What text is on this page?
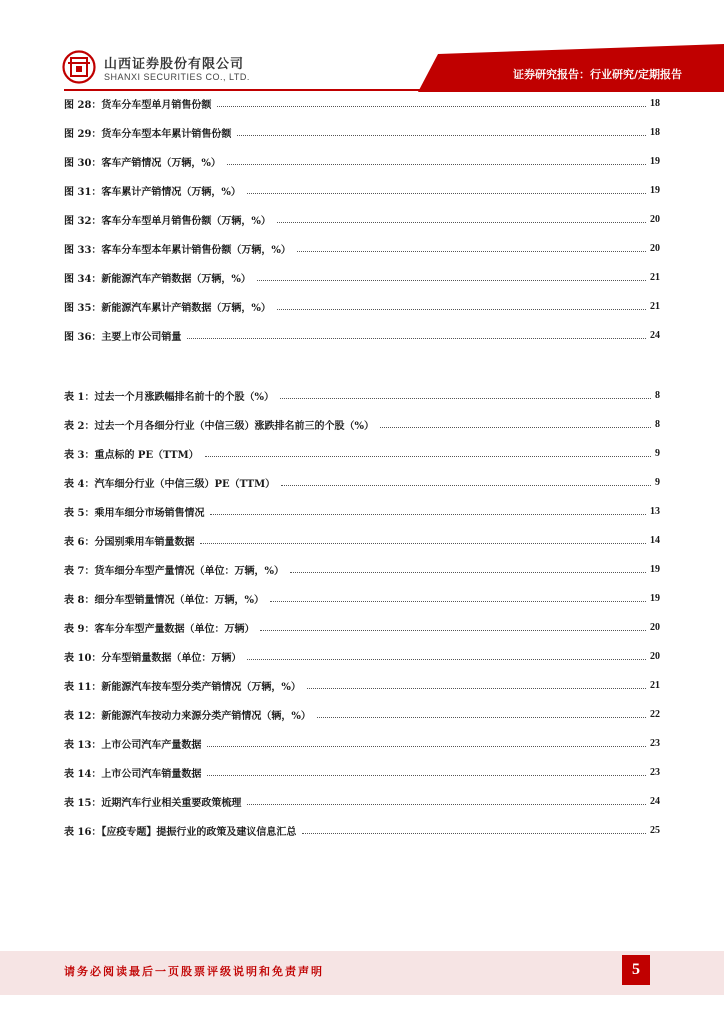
山西证券股份有限公司
SHANXI SECURITIES CO., LTD.	证券研究报告：行业研究/定期报告
图 28：货车分车型单月销售份额	18
图 29：货车分车型本年累计销售份额	18
图 30：客车产销情况（万辆，%）	19
图 31：客车累计产销情况（万辆，%）	19
图 32：客车分车型单月销售份额（万辆，%）	20
图 33：客车分车型本年累计销售份额（万辆，%）	20
图 34：新能源汽车产销数据（万辆，%）	21
图 35：新能源汽车累计产销数据（万辆，%）	21
图 36：主要上市公司销量	24
表 1：过去一个月涨跌幅排名前十的个股（%）	8
表 2：过去一个月各细分行业（中信三级）涨跌排名前三的个股（%）	8
表 3：重点标的 PE（TTM）	9
表 4：汽车细分行业（中信三级）PE（TTM）	9
表 5：乘用车细分市场销售情况	13
表 6：分国别乘用车销量数据	14
表 7：货车细分车型产量情况（单位：万辆，%）	19
表 8：细分车型销量情况（单位：万辆，%）	19
表 9：客车分车型产量数据（单位：万辆）	20
表 10：分车型销量数据（单位：万辆）	20
表 11：新能源汽车按车型分类产销情况（万辆，%）	21
表 12：新能源汽车按动力来源分类产销情况（辆，%）	22
表 13：上市公司汽车产量数据	23
表 14：上市公司汽车销量数据	23
表 15：近期汽车行业相关重要政策梳理	24
表 16：【应疫专题】提振行业的政策及建议信息汇总	25
请务必阅读最后一页股票评级说明和免责声明	5
